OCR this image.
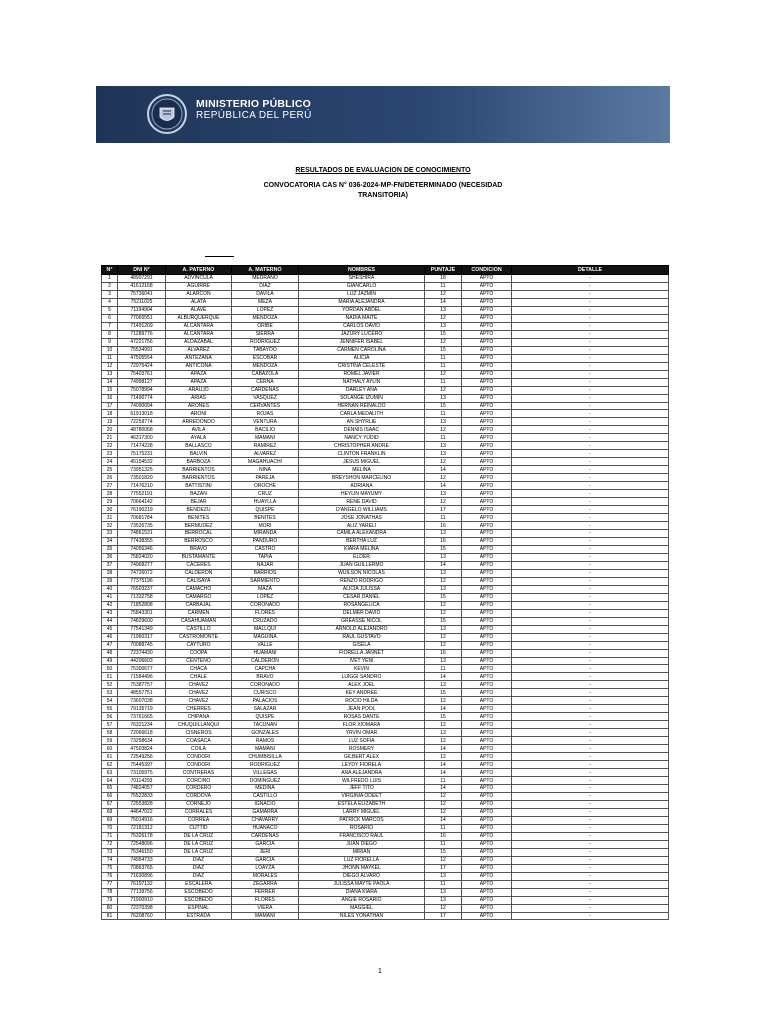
MINISTERIO PÚBLICO
REPÚBLICA DEL PERÚ
RESULTADOS DE EVALUACION DE CONOCIMIENTO
CONVOCATORIA CAS N° 036-2024-MP-FN/DETERMINADO (NECESIDAD
TRANSITORIA)
N°	DNI N°	A. PATERNO	A. MATERNO	NOMBRES	PUNTAJE	CONDICION	DETALLE
1	48907291	ADVINCULA	MEDRANO	SHESHIRA	18	APTO	-
2	41612168	AGUIRRE	DIAZ	GIANCARLO	11	APTO	-
3	75736041	ALARCON	DAVILA	LUZ JAZMIN	12	APTO	-
4	75211025	ALATA	MEZA	MARIA ALEJANDRA	14	APTO	-
5	71194904	ALAVE	LOPEZ	YORDAN ABDEL	13	APTO	-
6	77065551	ALBURQUERQUE	MENDOZA	NADIA MAITE	12	APTO	-
7	71491209	ALCANTARA	ORIBE	CARLOS DAVID	13	APTO	-
8	71289776	ALCANTARA	SIERRA	JAZURY LUCERO	15	APTO	-
9	47221756	ALDAZABAL	RODRIGUEZ	JENNIFER ISABEL	12	APTO	-
10	75534991	ALVAREZ	TABAYOO	CARMEN CAROLINA	15	APTO	-
11	47505554	ANTEZANA	ESCOBAR	ALICIA	11	APTO	-
12	72975424	ANTICONA	MENDOZA	CRISTINA CELESTE	11	APTO	-
13	75403761	APAZA	CABAZOLA	ROMEL JAVIER	12	APTO	-
14	74998127	APAZA	CERNA	NATHALY AYLIN	11	APTO	-
15	75078994	ARAUJO	CARDENAS	DARLEY ANA	12	APTO	-
16	71490774	ARIAS	VASQUEZ	SOLANGE IZUMIN	13	APTO	-
17	74090094	ARONES	CERVANTES	HERNAN REINALDO	15	APTO	-
18	61913018	ARONI	ROJAS	CARLA MEDALITH	11	APTO	-
19	72259774	ARREDONDO	VENTURA	AN SHYRLIE	13	APTO	-
20	48780068	AVILA	BACILIO	DENNIS ISAAC	12	APTO	-
21	46317300	AYALA	MAMANI	NANCY YUDID	11	APTO	-
22	71474228	BALLASCO	RAMIREZ	CHRISTOPHER ANDRE	13	APTO	-
23	75175231	BALVIN	ALVAREZ	CLINTON FRANKLIN	13	APTO	-
24	45154532	BARBOZA	MAGAHUACHI	JESUS MIGUEL	12	APTO	-
25	73951325	BARRIENTOS	NINA	MELINA	14	APTO	-
26	73501820	BARRIENTOS	PAREJA	BREYSHON MARCELINO	12	APTO	-
27	71476210	BATTISTINI	OROCHE	ADRIANA	14	APTO	-
28	77552191	BAZAN	CRUZ	HEYLIN MAYUMY	13	APTO	-
29	70664142	BEJAR	HUAYLLA	RENE DAVID	12	APTO	-
30	76190219	BENDEZU	QUISPE	D'ANGELO WILLIAMS	17	APTO	-
31	70681784	BENITES	BENITES	JOSE JONATHAS	11	APTO	-
32	73526735	BERMUDEZ	MORI	ALIZ YARELI	16	APTO	-
33	74861531	BERROCAL	MIRANDA	CAMILA ALEXANDRA	13	APTO	-
34	77438355	BERROSCO	PANDURO	BERTHA LUZ	16	APTO	-
35	74056346	BRAVO	CASTRO	KIARA MELINA	15	APTO	-
36	75824020	BUSTAMANTE	TAPIA	ELDER	13	APTO	-
37	74968277	CACERES	NAJAR	JUAN GUILLERMO	14	APTO	-
38	74726072	CALDERON	BARRIOS	WUILSON NICOLAS	13	APTO	-
39	77375196	CALISAYA	SARMIENTO	RENZO RODRIGO	12	APTO	-
40	76503237	CAMACHO	MAZA	ALICIA JULISSA	13	APTO	-
41	71332758	CAMARGO	LOPEZ	CESAR DANIEL	15	APTO	-
42	71852808	CARBAJAL	CORONADO	ROSANGELICA	12	APTO	-
43	75843301	CARMEN	FLORES	DELMER DAVID	12	APTO	-
44	74829600	CASAHUAMAN	CRUZADO	GREASSE NICOL	15	APTO	-
45	77541349	CASTILLO	MALLQUI	ARNOLD ALEJANDRO	13	APTO	-
46	71960317	CASTROMONTE	MAGUINA	RAUL GUSTAVO	12	APTO	-
47	70088745	CAYTURO	VALLE	GISELA	12	APTO	-
48	72374430	COOPA	HUAMANI	FIORELLA JANNET	16	APTO	-
49	44206603	CENTENO	CALDERON	IVET YENI	13	APTO	-
50	75300677	CHACA	CAPCHA	KEVIN	11	APTO	-
51	71584496	CHALE	BRAVO	LUIGGI SANDRO	14	APTO	-
52	75387757	CHAVEZ	CORONADO	ALEX JOEL	13	APTO	-
53	48557751	CHAVEZ	CURISCO	KEY ANDREE	15	APTO	-
54	73607038	CHAVEZ	PALACIOS	ROCIO HILDA	12	APTO	-
55	79135719	CHERRES	SALAZAR	JEAN POOL	14	APTO	-
56	73761665	CHIPANA	QUISPE	ROSAS DANTE	15	APTO	-
57	76321234	CHUQUILLANQUI	TACUNAN	FLOR XIOMARA	12	APTO	-
58	72066618	CISNEROS	GONZALES	YRVIN OMAR	13	APTO	-
59	73258634	COASACA	RAMOS	LUZ SOFIA	12	APTO	-
60	47503824	COILA	MAMANI	ROSMERY	14	APTO	-
61	72549256	CONDORI	CHUMBISILLA	GILBERT ALEX	12	APTO	-
62	75445397	CONDORI	RODRIGUEZ	LEYDY FIORELA	14	APTO	-
63	73105975	CONTRERAS	VILLEGAS	ANA ALEJANDRA	14	APTO	-
64	70114293	CORCINO	DOMINGUEZ	WILFREDO LUIS	11	APTO	-
65	74824057	CORDERO	MEDINA	JEFF TITO	14	APTO	-
66	75522833	CORDOVA	CASTILLO	VIRGINIA ODEET	12	APTO	-
67	72553828	CORNEJO	IGNACIO	ESTELA ELIZABETH	12	APTO	-
68	44647022	CORRALES	GAMARRA	LARRY MIGUEL	12	APTO	-
69	75014916	CORREA	CHAVARRY	PATRICK MARCOS	14	APTO	-
70	72181312	CUTTID	HUANACO	ROSARIO	11	APTO	-
71	75326178	DE LA CRUZ	CARDENAS	FRANCISCO RAUL	16	APTO	-
72	72548096	DE LA CRUZ	GARCIA	JUAN DIEGO	11	APTO	-
73	75346150	DE LA CRUZ	JERI	MIRIAN	15	APTO	-
74	74954733	DIAZ	GARCIA	LUZ FIORELLA	12	APTO	-
75	70863765	DIAZ	LOAYZA	JHONN MAYKEL	17	APTO	-
76	71630896	DIAZ	MORALES	DIEGO ALVARO	13	APTO	-
77	76197132	ESCALERA	ZEGARRA	JULISSA MAYTE PAOLA	11	APTO	-
78	77139756	ESCOBEDO	FERRER	DIANA KIARA	13	APTO	-
79	71900910	ESCOBEDO	FLORES	ANGIE ROSARIO	13	APTO	-
80	72370398	ESPINAL	VIERA	MAGGIEL	12	APTO	-
81	76208760	ESTRADA	MAMANI	NILES YONATHAN	17	APTO	-
1
